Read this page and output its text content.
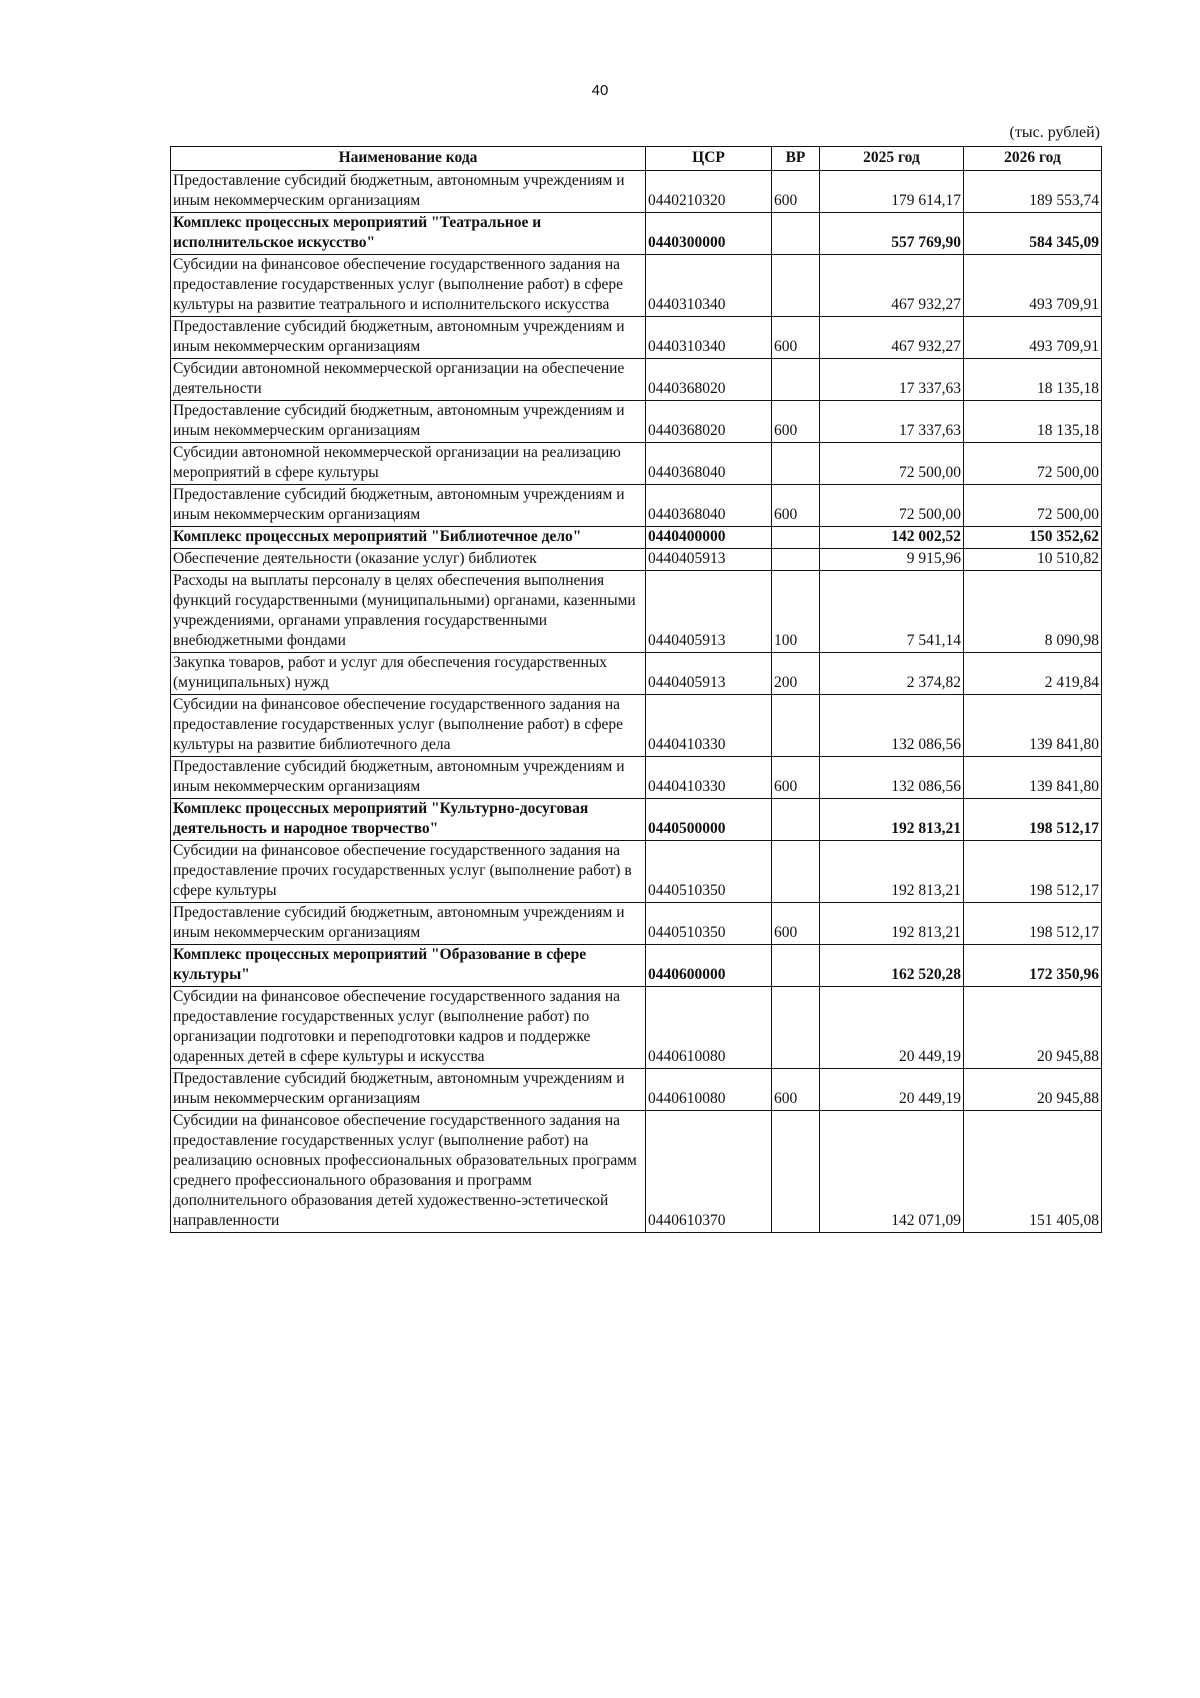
40
(тыс. рублей)
Наименование кода	ЦСР	ВР	2025 год	2026 год
Предоставление субсидий бюджетным, автономным учреждениям и иным некоммерческим организациям	0440210320	600	179 614,17	189 553,74
Комплекс процессных мероприятий "Театральное и исполнительское искусство"	0440300000		557 769,90	584 345,09
Субсидии на финансовое обеспечение государственного задания на предоставление государственных услуг (выполнение работ) в сфере культуры на развитие театрального и исполнительского искусства	0440310340		467 932,27	493 709,91
Предоставление субсидий бюджетным, автономным учреждениям и иным некоммерческим организациям	0440310340	600	467 932,27	493 709,91
Субсидии автономной некоммерческой организации на обеспечение деятельности	0440368020		17 337,63	18 135,18
Предоставление субсидий бюджетным, автономным учреждениям и иным некоммерческим организациям	0440368020	600	17 337,63	18 135,18
Субсидии автономной некоммерческой организации на реализацию мероприятий в сфере культуры	0440368040		72 500,00	72 500,00
Предоставление субсидий бюджетным, автономным учреждениям и иным некоммерческим организациям	0440368040	600	72 500,00	72 500,00
Комплекс процессных мероприятий "Библиотечное дело"	0440400000		142 002,52	150 352,62
Обеспечение деятельности (оказание услуг) библиотек	0440405913		9 915,96	10 510,82
Расходы на выплаты персоналу в целях обеспечения выполнения функций государственными (муниципальными) органами, казенными учреждениями, органами управления государственными внебюджетными фондами	0440405913	100	7 541,14	8 090,98
Закупка товаров, работ и услуг для обеспечения государственных (муниципальных) нужд	0440405913	200	2 374,82	2 419,84
Субсидии на финансовое обеспечение государственного задания на предоставление государственных услуг (выполнение работ) в сфере культуры на развитие библиотечного дела	0440410330		132 086,56	139 841,80
Предоставление субсидий бюджетным, автономным учреждениям и иным некоммерческим организациям	0440410330	600	132 086,56	139 841,80
Комплекс процессных мероприятий "Культурно-досуговая деятельность и народное творчество"	0440500000		192 813,21	198 512,17
Субсидии на финансовое обеспечение государственного задания на предоставление прочих государственных услуг (выполнение работ) в сфере культуры	0440510350		192 813,21	198 512,17
Предоставление субсидий бюджетным, автономным учреждениям и иным некоммерческим организациям	0440510350	600	192 813,21	198 512,17
Комплекс процессных мероприятий "Образование в сфере культуры"	0440600000		162 520,28	172 350,96
Субсидии на финансовое обеспечение государственного задания на предоставление государственных услуг (выполнение работ) по организации подготовки и переподготовки кадров и поддержке одаренных детей в сфере культуры и искусства	0440610080		20 449,19	20 945,88
Предоставление субсидий бюджетным, автономным учреждениям и иным некоммерческим организациям	0440610080	600	20 449,19	20 945,88
Субсидии на финансовое обеспечение государственного задания на предоставление государственных услуг (выполнение работ) на реализацию основных профессиональных образовательных программ среднего профессионального образования и программ дополнительного образования детей художественно-эстетической направленности	0440610370		142 071,09	151 405,08
